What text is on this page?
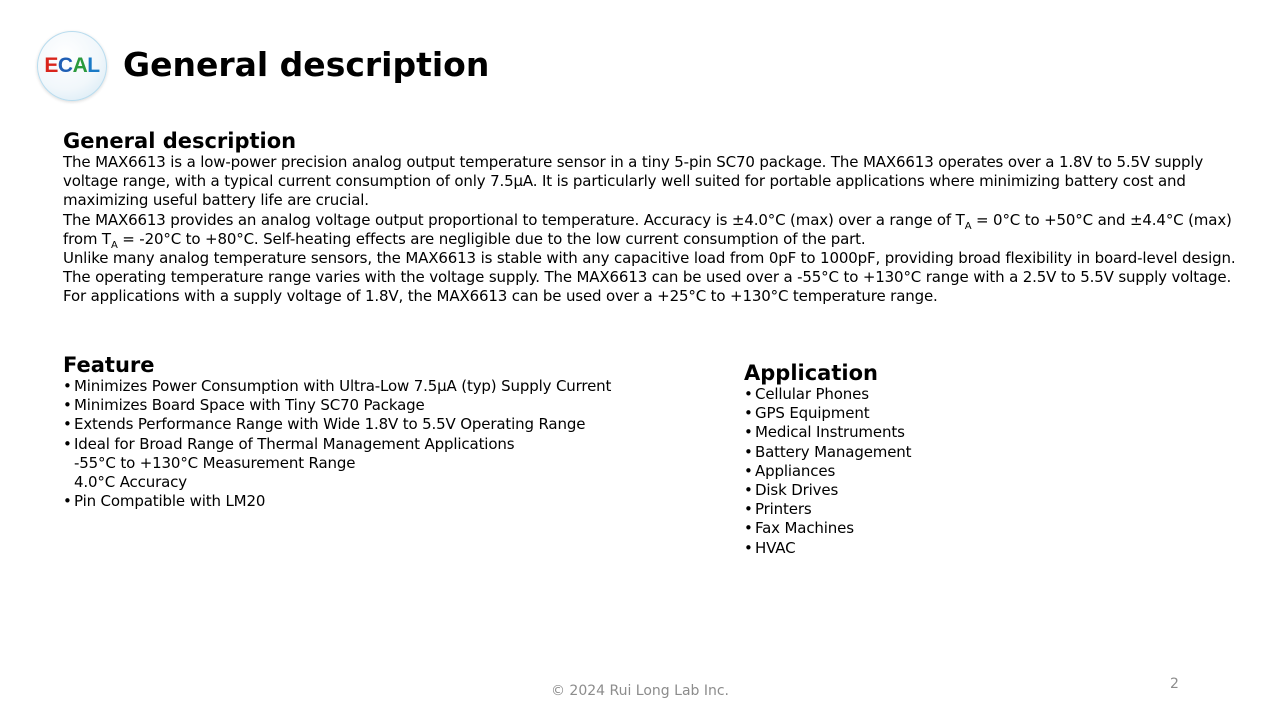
E C A L General description
General description

The MAX6613 is a low-power precision analog output temperature sensor in a tiny 5-pin SC70 package. The MAX6613 operates over a 1.8V to 5.5V supply voltage range, with a typical current consumption of only 7.5μA. It is particularly well suited for portable applications where minimizing battery cost and maximizing useful battery life are crucial.

The MAX6613 provides an analog voltage output proportional to temperature. Accuracy is ±4.0°C (max) over a range of $T_A = 0^\circ C$ to +50°C and ±4.4°C (max) from $T_A = -20^\circ C$ to +80°C. Self-heating effects are negligible due to the low current consumption of the part.

Unlike many analog temperature sensors, the MAX6613 is stable with any capacitive load from 0pF to 1000pF, providing broad flexibility in board-level design.

The operating temperature range varies with the voltage supply. The MAX6613 can be used over a -55°C to +130°C range with a 2.5V to 5.5V supply voltage. For applications with a supply voltage of 1.8V, the MAX6613 can be used over a +25°C to +130°C temperature range.

Feature
• Minimizes Power Consumption with Ultra-Low 7.5μA (typ) Supply Current
• Minimizes Board Space with Tiny SC70 Package
• Extends Performance Range with Wide 1.8V to 5.5V Operating Range
• Ideal for Broad Range of Thermal Management Applications
-55°C to +130°C Measurement Range
4.0°C Accuracy
• Pin Compatible with LM20
Application
• Cellular Phones
• GPS Equipment
• Medical Instruments
• Battery Management
• Appliances
• Disk Drives
• Printers
• Fax Machines
• HVAC
© 2024 Rui Long Lab Inc.	2
